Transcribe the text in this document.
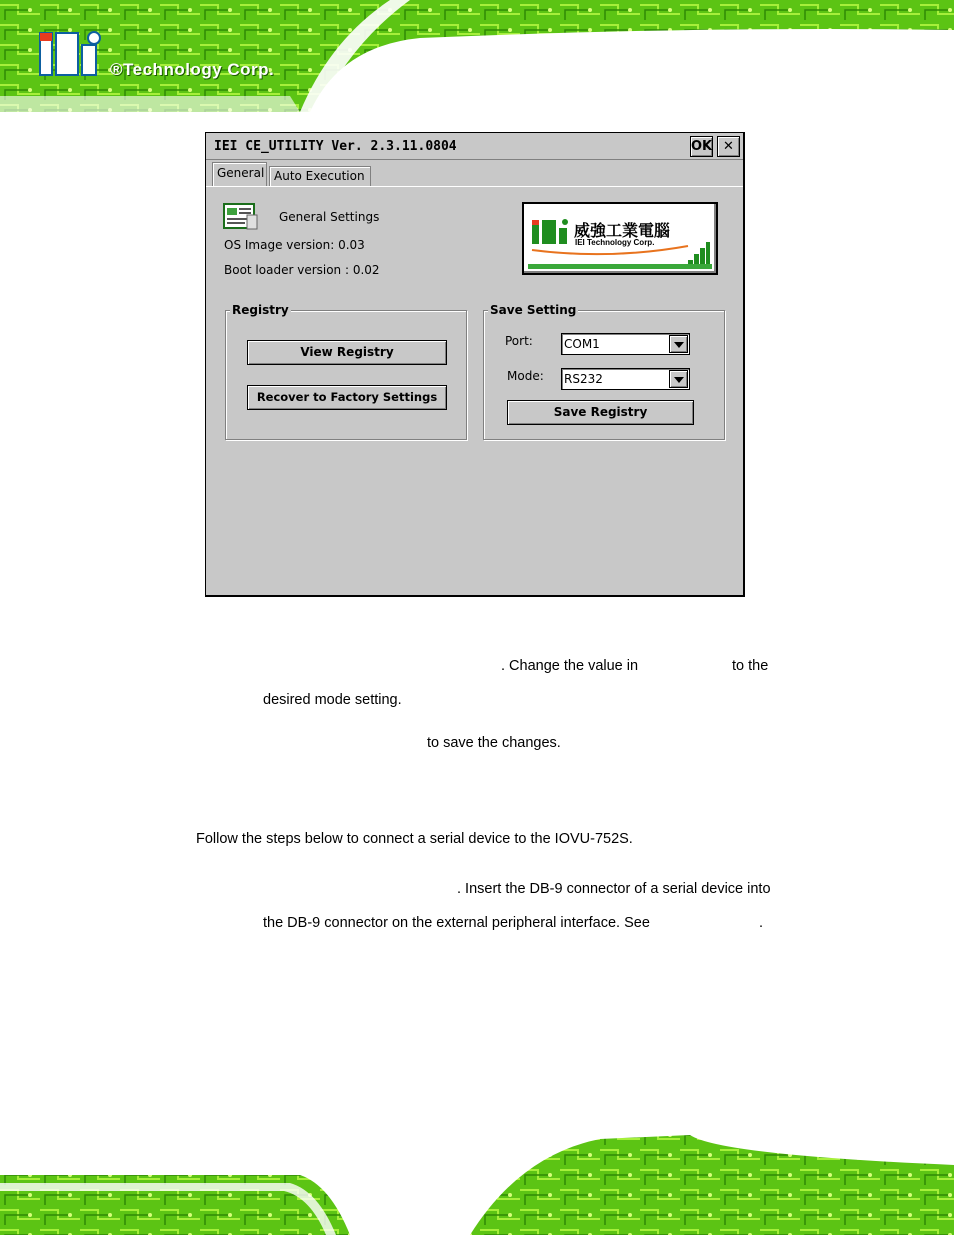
®Technology Corp.
IEI CE_UTILITY Ver. 2.3.11.0804	OK ✕
General Auto Execution
General Settings
OS Image version: 0.03
Boot loader version : 0.02
威強工業電腦
IEI Technology Corp.
Registry
View Registry
Recover to Factory Settings
Save Setting
Port:	COM1
Mode: RS232
Save Registry
. Change the value in	to the
desired mode setting.
to save the changes.
Follow the steps below to connect a serial device to the IOVU-752S.
. Insert the DB-9 connector of a serial device into
the DB-9 connector on the external peripheral interface. See	.
